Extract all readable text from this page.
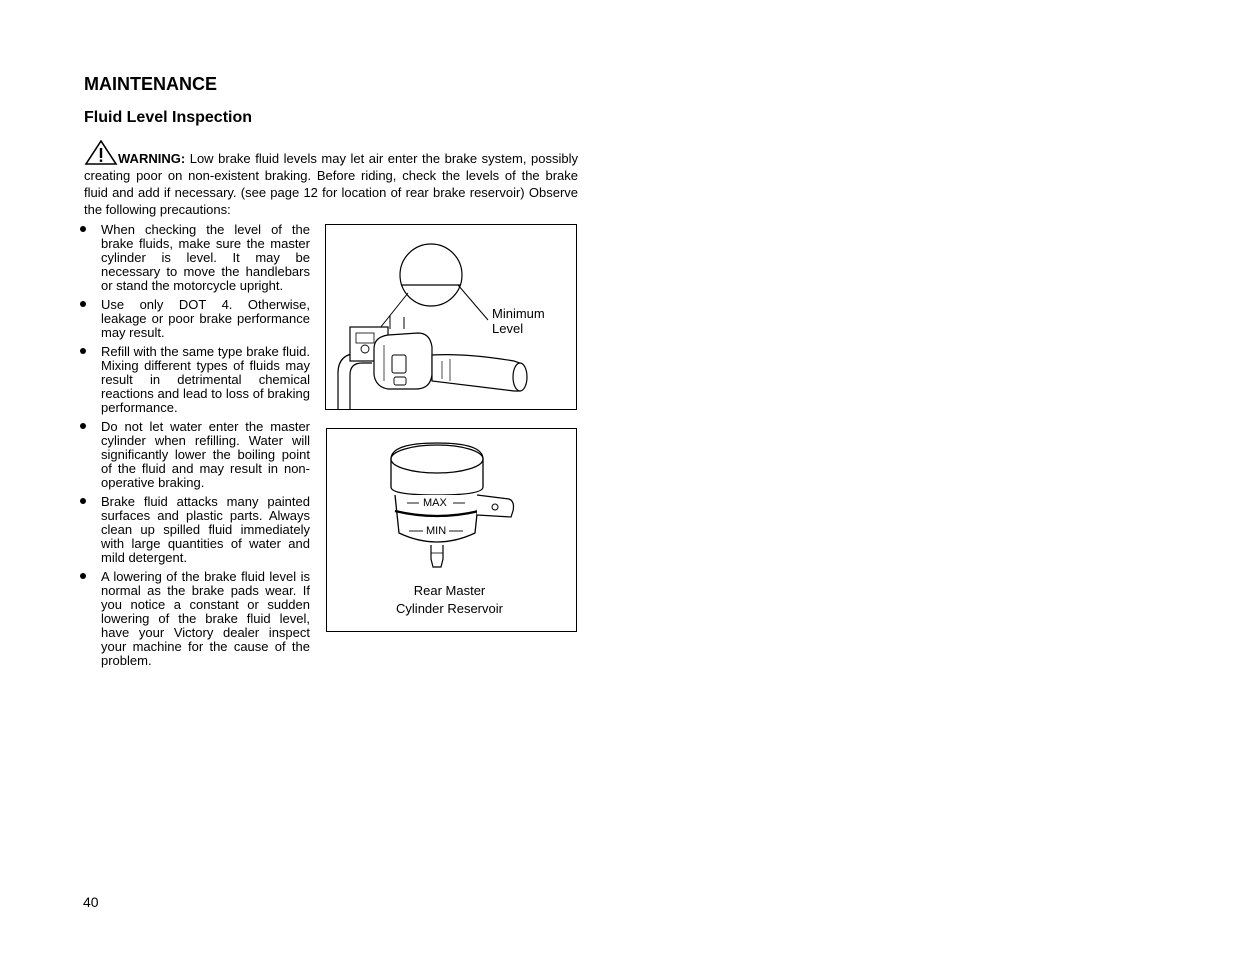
MAINTENANCE
Fluid Level Inspection
WARNING: Low brake fluid levels may let air enter the brake system, possibly creating poor on non-existent braking. Before riding, check the levels of the brake fluid and add if necessary. (see page 12 for location of rear brake reservoir) Observe the following precautions:
When checking the level of the brake fluids, make sure the master cylinder is level. It may be necessary to move the handlebars or stand the motorcycle upright.
Use only DOT 4. Otherwise, leakage or poor brake performance may result.
Refill with the same type brake fluid. Mixing different types of fluids may result in detrimental chemical reactions and lead to loss of braking performance.
Do not let water enter the master cylinder when refilling. Water will significantly lower the boiling point of the fluid and may result in non-operative braking.
Brake fluid attacks many painted surfaces and plastic parts. Always clean up spilled fluid immediately with large quantities of water and mild detergent.
A lowering of the brake fluid level is normal as the brake pads wear. If you notice a constant or sudden lowering of the brake fluid level, have your Victory dealer inspect your machine for the cause of the problem.
Minimum
Level
MAX
MIN
Rear Master
Cylinder Reservoir
40
